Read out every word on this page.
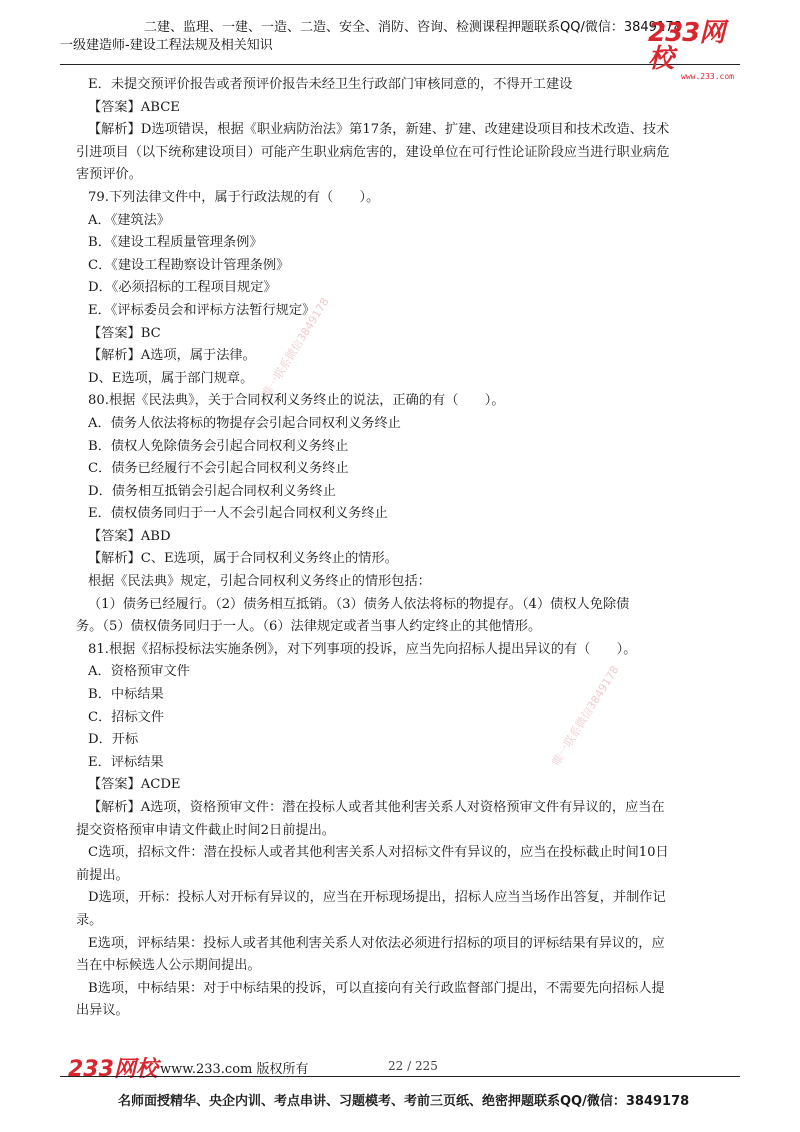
二建、监理、一建、一造、二造、安全、消防、咨询、检测课程押题联系QQ/微信：3849178
一级建造师-建设工程法规及相关知识	233网校
www.233.com
唯一联系微信3849178
唯一联系微信3849178
E．未提交预评价报告或者预评价报告未经卫生行政部门审核同意的，不得开工建设
【答案】ABCE
【解析】D选项错误，根据《职业病防治法》第17条，新建、扩建、改建建设项目和技术改造、技术
引进项目（以下统称建设项目）可能产生职业病危害的，建设单位在可行性论证阶段应当进行职业病危
害预评价。
79.下列法律文件中，属于行政法规的有（　　）。
A．《建筑法》
B．《建设工程质量管理条例》
C．《建设工程勘察设计管理条例》
D．《必须招标的工程项目规定》
E．《评标委员会和评标方法暂行规定》
【答案】BC
【解析】A选项，属于法律。
D、E选项，属于部门规章。
80.根据《民法典》，关于合同权利义务终止的说法，正确的有（　　）。
A．债务人依法将标的物提存会引起合同权利义务终止
B．债权人免除债务会引起合同权利义务终止
C．债务已经履行不会引起合同权利义务终止
D．债务相互抵销会引起合同权利义务终止
E．债权债务同归于一人不会引起合同权利义务终止
【答案】ABD
【解析】C、E选项，属于合同权利义务终止的情形。
根据《民法典》规定，引起合同权利义务终止的情形包括：
（1）债务已经履行。（2）债务相互抵销。（3）债务人依法将标的物提存。（4）债权人免除债
务。（5）债权债务同归于一人。（6）法律规定或者当事人约定终止的其他情形。
81.根据《招标投标法实施条例》，对下列事项的投诉，应当先向招标人提出异议的有（　　）。
A．资格预审文件
B．中标结果
C．招标文件
D．开标
E．评标结果
【答案】ACDE
【解析】A选项，资格预审文件：潜在投标人或者其他利害关系人对资格预审文件有异议的，应当在
提交资格预审申请文件截止时间2日前提出。
C选项，招标文件：潜在投标人或者其他利害关系人对招标文件有异议的，应当在投标截止时间10日
前提出。
D选项，开标：投标人对开标有异议的，应当在开标现场提出，招标人应当当场作出答复，并制作记
录。
E选项，评标结果：投标人或者其他利害关系人对依法必须进行招标的项目的评标结果有异议的，应
当在中标候选人公示期间提出。
B选项，中标结果：对于中标结果的投诉，可以直接向有关行政监督部门提出，不需要先向招标人提
出异议。
233网校 www.233.com 版权所有	22 / 225
名师面授精华、央企内训、考点串讲、习题模考、考前三页纸、绝密押题联系QQ/微信：3849178
